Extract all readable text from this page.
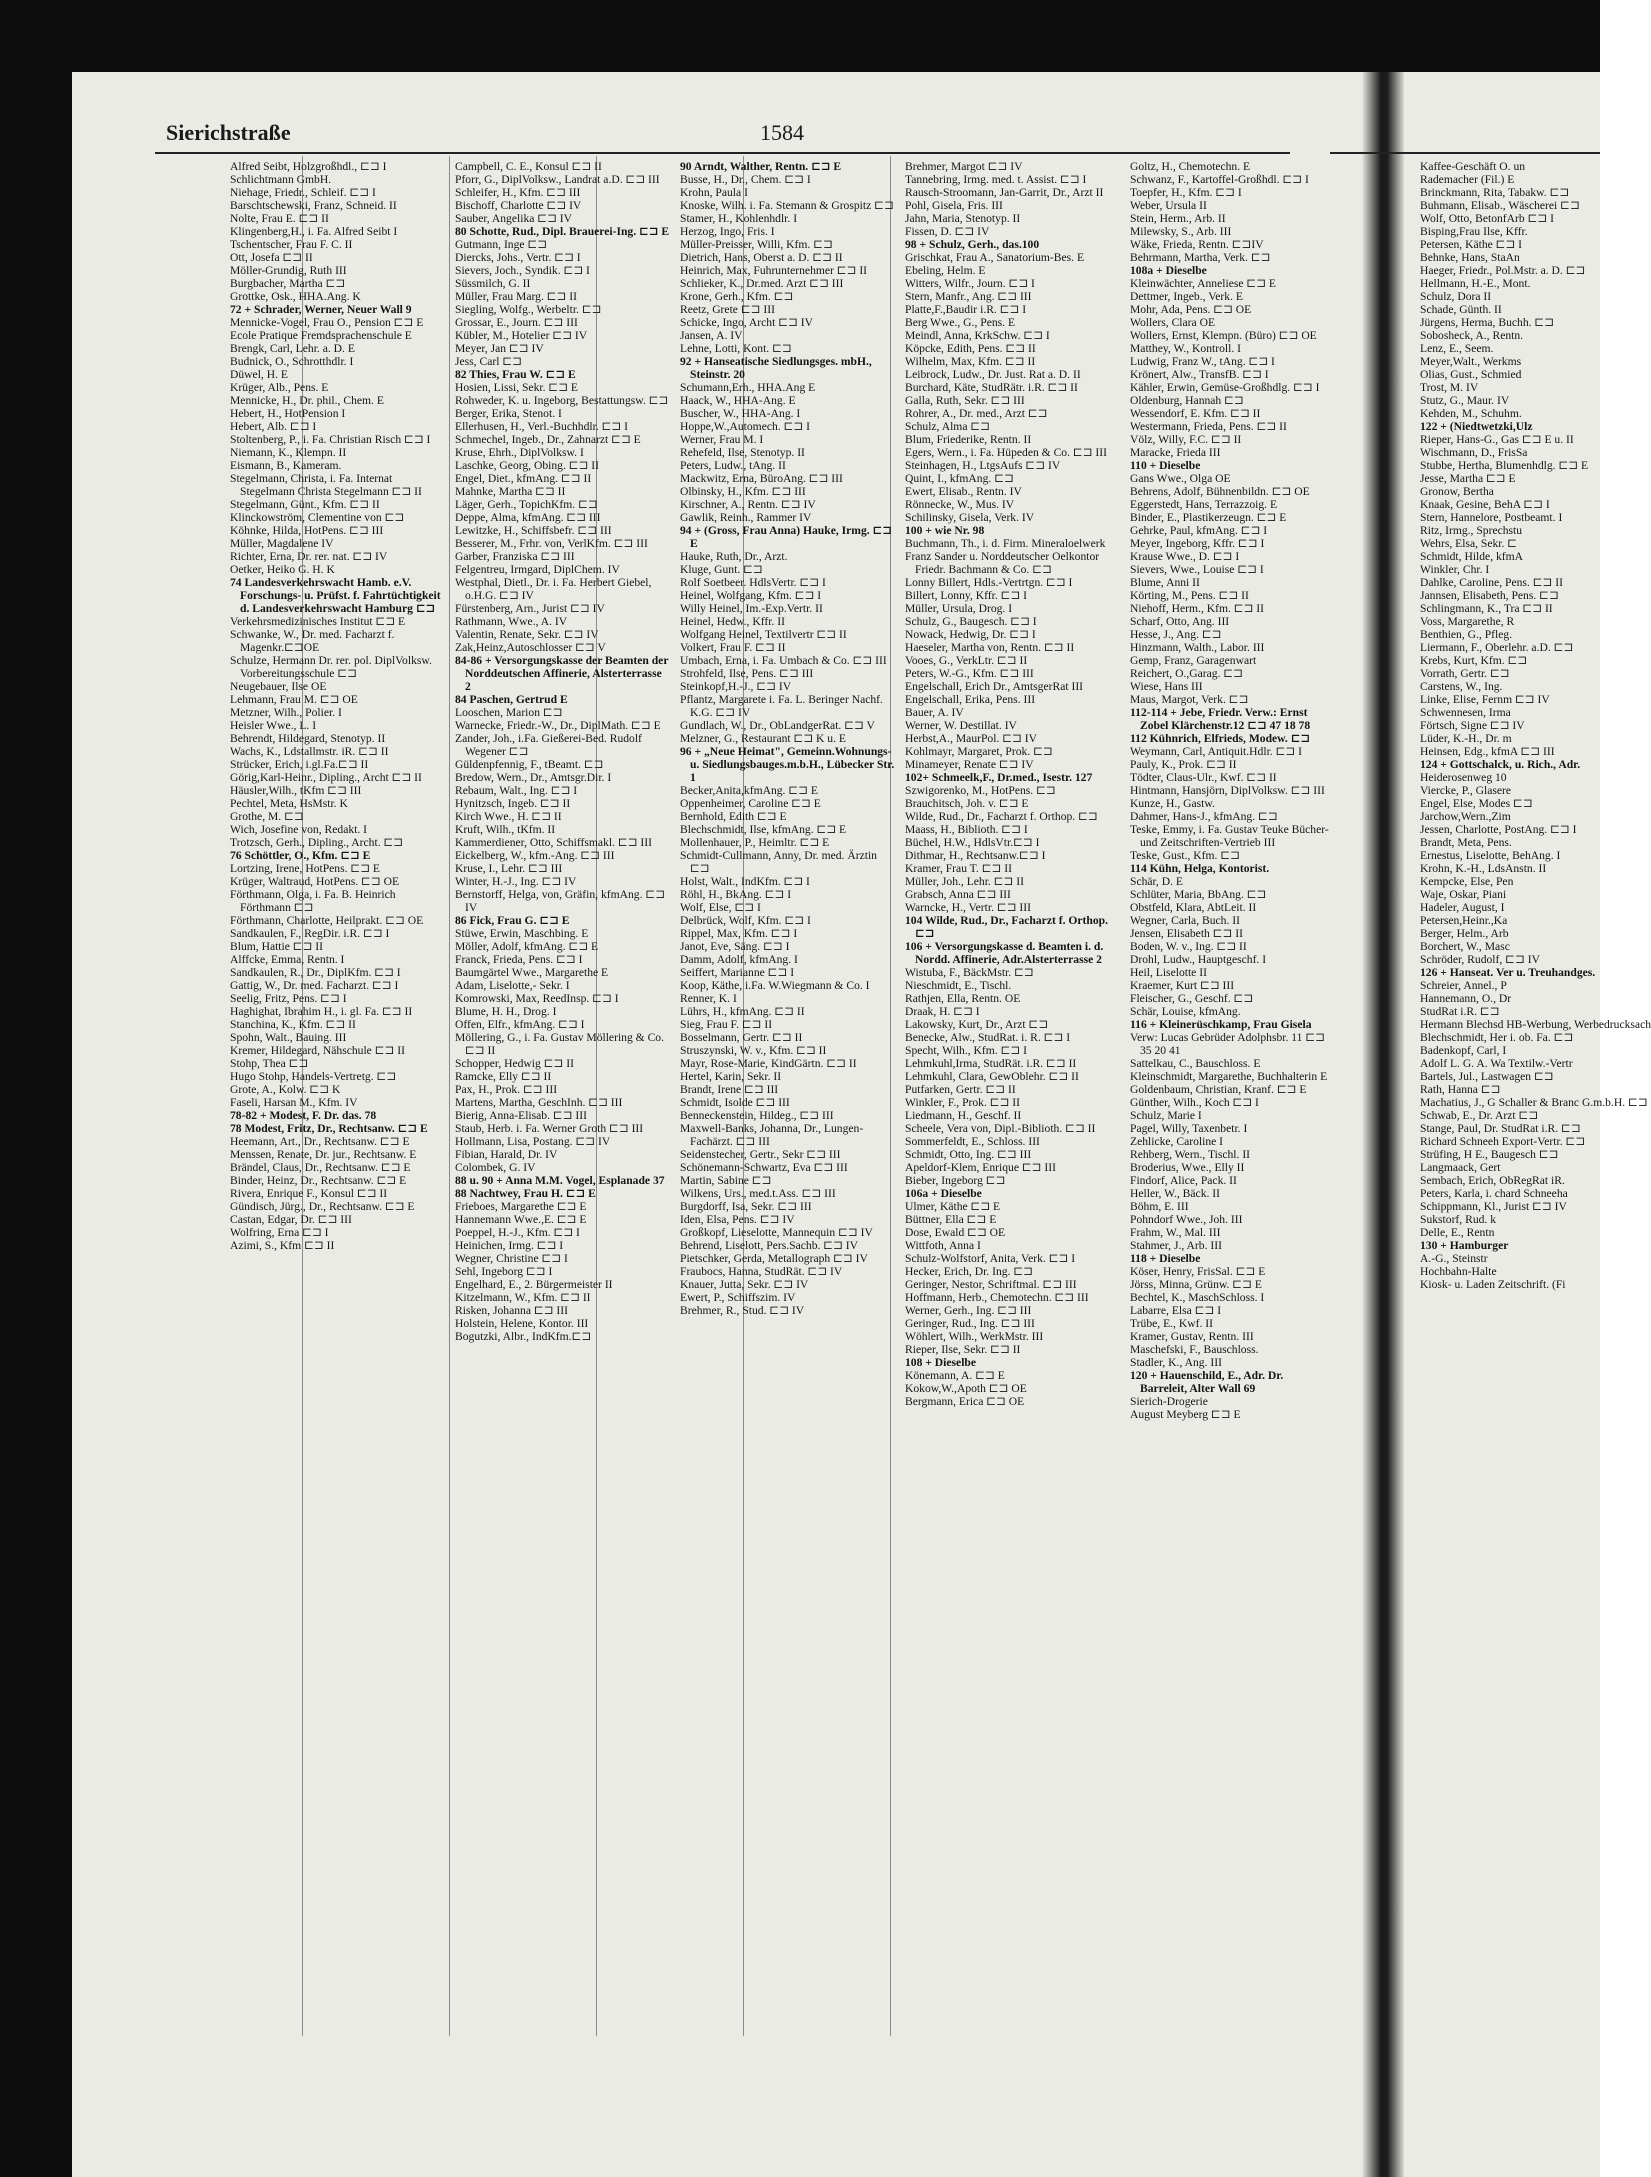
Sierichstraße	1584
Alfred Seibt, Holzgroßhdl., ⊏⊐ I
Schlichtmann GmbH.
Niehage, Friedr., Schleif. ⊏⊐ I
Barschtschewski, Franz, Schneid. II
Nolte, Frau E. ⊏⊐ II
Klingenberg,H., i. Fa. Alfred Seibt I
Tschentscher, Frau F. C. II
Ott, Josefa ⊏⊐ II
Möller-Grundig, Ruth III
Burgbacher, Martha ⊏⊐
Grottke, Osk., HHA.Ang. K
72 + Schrader, Werner, Neuer Wall 9
Mennicke-Vogel, Frau O., Pension ⊏⊐ E
Ecole Pratique Fremdsprachenschule E
Brengk, Carl, Lehr. a. D. E
Budnick, O., Schrotthdlr. I
Düwel, H. E
Krüger, Alb., Pens. E
Mennicke, H., Dr. phil., Chem. E
Hebert, H., HotPension I
Hebert, Alb. ⊏⊐ I
Stoltenberg, P., i. Fa. Christian Risch ⊏⊐ I
Niemann, K., Klempn. II
Eismann, B., Kameram.
Stegelmann, Christa, i. Fa. Internat Stegelmann Christa Stegelmann ⊏⊐ II
Stegelmann, Günt., Kfm. ⊏⊐ II
Klinckowström, Clementine von ⊏⊐
Köhnke, Hilda, HotPens. ⊏⊐ III
Müller, Magdalene IV
Richter, Erna, Dr. rer. nat. ⊏⊐ IV
Oetker, Heiko G. H. K
74 Landesverkehrswacht Hamb. e.V. Forschungs- u. Prüfst. f. Fahrtüchtigkeit d. Landesverkehrswacht Hamburg ⊏⊐
Verkehrsmedizinisches Institut ⊏⊐ E
Schwanke, W., Dr. med. Facharzt f. Magenkr.⊏⊐OE
Schulze, Hermann Dr. rer. pol. DiplVolksw. Vorbereitungsschule ⊏⊐
Neugebauer, Ilse OE
Lehmann, Frau M. ⊏⊐ OE
Metzner, Wilh., Polier. I
Heisler Wwe., L. I
Behrendt, Hildegard, Stenotyp. II
Wachs, K., Ldstallmstr. iR. ⊏⊐ II
Strücker, Erich, i.gl.Fa.⊏⊐ II
Görig,Karl-Heinr., Dipling., Archt ⊏⊐ II
Häusler,Wilh., tKfm ⊏⊐ III
Pechtel, Meta, HsMstr. K
Grothe, M. ⊏⊐
Wich, Josefine von, Redakt. I
Trotzsch, Gerh., Dipling., Archt. ⊏⊐
76 Schöttler, O., Kfm. ⊏⊐ E
Lortzing, Irene, HotPens. ⊏⊐ E
Krüger, Waltraud, HotPens. ⊏⊐ OE
Förthmann, Olga, i. Fa. B. Heinrich Förthmann ⊏⊐
Förthmann, Charlotte, Heilprakt. ⊏⊐ OE
Sandkaulen, F., RegDir. i.R. ⊏⊐ I
Blum, Hattie ⊏⊐ II
Alffcke, Emma, Rentn. I
Sandkaulen, R., Dr., DiplKfm. ⊏⊐ I
Gattig, W., Dr. med. Facharzt. ⊏⊐ I
Seelig, Fritz, Pens. ⊏⊐ I
Haghighat, Ibrahim H., i. gl. Fa. ⊏⊐ II
Stanchina, K., Kfm. ⊏⊐ II
Spohn, Walt., Bauing. III
Kremer, Hildegard, Nähschule ⊏⊐ II
Stohp, Thea ⊏⊐
Hugo Stohp, Handels-Vertretg. ⊏⊐
Grote, A., Kolw. ⊏⊐ K
Faseli, Harsan M., Kfm. IV
78-82 + Modest, F. Dr. das. 78
78 Modest, Fritz, Dr., Rechtsanw. ⊏⊐ E
Heemann, Art., Dr., Rechtsanw. ⊏⊐ E
Menssen, Renate, Dr. jur., Rechtsanw. E
Brändel, Claus, Dr., Rechtsanw. ⊏⊐ E
Binder, Heinz, Dr., Rechtsanw. ⊏⊐ E
Rivera, Enrique F., Konsul ⊏⊐ II
Gündisch, Jürg., Dr., Rechtsanw. ⊏⊐ E
Castan, Edgar, Dr. ⊏⊐ III
Wolfring, Erna ⊏⊐ I
Azimi, S., Kfm ⊏⊐ II
Campbell, C. E., Konsul ⊏⊐ II
Pforr, G., DiplVolksw., Landrat a.D. ⊏⊐ III
Schleifer, H., Kfm. ⊏⊐ III
Bischoff, Charlotte ⊏⊐ IV
Sauber, Angelika ⊏⊐ IV
80 Schotte, Rud., Dipl. Brauerei-Ing. ⊏⊐ E
Gutmann, Inge ⊏⊐
Diercks, Johs., Vertr. ⊏⊐ I
Sievers, Joch., Syndik. ⊏⊐ I
Süssmilch, G. II
Müller, Frau Marg. ⊏⊐ II
Siegling, Wolfg., Werbeltr. ⊏⊐
Grossar, E., Journ. ⊏⊐ III
Kübler, M., Hotelier ⊏⊐ IV
Meyer, Jan ⊏⊐ IV
Jess, Carl ⊏⊐
82 Thies, Frau W. ⊏⊐ E
Hosien, Lissi, Sekr. ⊏⊐ E
Rohweder, K. u. Ingeborg, Bestattungsw. ⊏⊐
Berger, Erika, Stenot. I
Ellerhusen, H., Verl.-Buchhdlr. ⊏⊐ I
Schmechel, Ingeb., Dr., Zahnarzt ⊏⊐ E
Kruse, Ehrh., DiplVolksw. I
Laschke, Georg, Obing. ⊏⊐ II
Engel, Diet., kfmAng. ⊏⊐ II
Mahnke, Martha ⊏⊐ II
Läger, Gerh., TopichKfm. ⊏⊐
Deppe, Alma, kfmAng. ⊏⊐ III
Lewitzke, H., Schiffsbefr. ⊏⊐ III
Besserer, M., Frhr. von, VerlKfm. ⊏⊐ III
Garber, Franziska ⊏⊐ III
Felgentreu, Irmgard, DiplChem. IV
Westphal, Dietl., Dr. i. Fa. Herbert Giebel, o.H.G. ⊏⊐ IV
Fürstenberg, Arn., Jurist ⊏⊐ IV
Rathmann, Wwe., A. IV
Valentin, Renate, Sekr. ⊏⊐ IV
Zak,Heinz,Autoschlosser ⊏⊐ V
84-86 + Versorgungskasse der Beamten der Norddeutschen Affinerie, Alsterterrasse 2
84 Paschen, Gertrud E
Looschen, Marion ⊏⊐
Warnecke, Friedr.-W., Dr., DiplMath. ⊏⊐ E
Zander, Joh., i.Fa. Gießerei-Bed. Rudolf Wegener ⊏⊐
Güldenpfennig, F., tBeamt. ⊏⊐
Bredow, Wern., Dr., Amtsgr.Dir. I
Rebaum, Walt., Ing. ⊏⊐ I
Hynitzsch, Ingeb. ⊏⊐ II
Kirch Wwe., H. ⊏⊐ II
Kruft, Wilh., tKfm. II
Kammerdiener, Otto, Schiffsmakl. ⊏⊐ III
Eickelberg, W., kfm.-Ang. ⊏⊐ III
Kruse, I., Lehr. ⊏⊐ III
Winter, H.-J., Ing. ⊏⊐ IV
Bernstorff, Helga, von, Gräfin, kfmAng. ⊏⊐ IV
86 Fick, Frau G. ⊏⊐ E
Stüwe, Erwin, Maschbing. E
Möller, Adolf, kfmAng. ⊏⊐ E
Franck, Frieda, Pens. ⊏⊐ I
Baumgärtel Wwe., Margarethe E
Adam, Liselotte,- Sekr. I
Komrowski, Max, ReedInsp. ⊏⊐ I
Blume, H. H., Drog. I
Offen, Elfr., kfmAng. ⊏⊐ I
Möllering, G., i. Fa. Gustav Möllering & Co. ⊏⊐ II
Schopper, Hedwig ⊏⊐ II
Ramcke, Elly ⊏⊐ II
Pax, H., Prok. ⊏⊐ III
Martens, Martha, GeschInh. ⊏⊐ III
Bierig, Anna-Elisab. ⊏⊐ III
Staub, Herb. i. Fa. Werner Groth ⊏⊐ III
Hollmann, Lisa, Postang. ⊏⊐ IV
Fibian, Harald, Dr. IV
Colombek, G. IV
88 u. 90 + Anna M.M. Vogel, Esplanade 37
88 Nachtwey, Frau H. ⊏⊐ E
Frieboes, Margarethe ⊏⊐ E
Hannemann Wwe.,E. ⊏⊐ E
Poeppel, H.-J., Kfm. ⊏⊐ I
Heinichen, Irmg. ⊏⊐ I
Wegner, Christine ⊏⊐ I
Sehl, Ingeborg ⊏⊐ I
Engelhard, E., 2. Bürgermeister II
Kitzelmann, W., Kfm. ⊏⊐ II
Risken, Johanna ⊏⊐ III
Holstein, Helene, Kontor. III
Bogutzki, Albr., IndKfm.⊏⊐
90 Arndt, Walther, Rentn. ⊏⊐ E
Busse, H., Dr., Chem. ⊏⊐ I
Krohn, Paula I
Knoske, Wilh. i. Fa. Stemann & Grospitz ⊏⊐
Stamer, H., Kohlenhdlr. I
Herzog, Ingo, Fris. I
Müller-Preisser, Willi, Kfm. ⊏⊐
Dietrich, Hans, Oberst a. D. ⊏⊐ II
Heinrich, Max, Fuhrunternehmer ⊏⊐ II
Schlieker, K., Dr.med. Arzt ⊏⊐ III
Krone, Gerh., Kfm. ⊏⊐
Reetz, Grete ⊏⊐ III
Schicke, Ingo, Archt ⊏⊐ IV
Jansen, A. IV
Lehne, Lotti, Kont. ⊏⊐
92 + Hanseatische Siedlungsges. mbH., Steinstr. 20
Schumann,Erh., HHA.Ang E
Haack, W., HHA-Ang. E
Buscher, W., HHA-Ang. I
Hoppe,W.,Automech. ⊏⊐ I
Werner, Frau M. I
Rehefeld, Ilse, Stenotyp. II
Peters, Ludw., tAng. II
Mackwitz, Erna, BüroAng. ⊏⊐ III
Olbinsky, H., Kfm. ⊏⊐ III
Kirschner, A., Rentn. ⊏⊐ IV
Gawlik, Reinh., Rammer IV
94 + (Gross, Frau Anna) Hauke, Irmg. ⊏⊐ E
Hauke, Ruth, Dr., Arzt.
Kluge, Gunt. ⊏⊐
Rolf Soetbeer. HdlsVertr. ⊏⊐ I
Heinel, Wolfgang, Kfm. ⊏⊐ I
Willy Heinel, Im.-Exp.Vertr. II
Heinel, Hedw., Kffr. II
Wolfgang Heinel, Textilvertr ⊏⊐ II
Volkert, Frau F. ⊏⊐ II
Umbach, Erna, i. Fa. Umbach & Co. ⊏⊐ III
Strohfeld, Ilse, Pens. ⊏⊐ III
Steinkopf,H.-J., ⊏⊐ IV
Pflantz, Margarete i. Fa. L. Beringer Nachf. K.G. ⊏⊐ IV
Gundlach, W., Dr., ObLandgerRat. ⊏⊐ V
Melzner, G., Restaurant ⊏⊐ K u. E
96 + „Neue Heimat", Gemeinn.Wohnungs-u. Siedlungsbauges.m.b.H., Lübecker Str. 1
Becker,Anita,kfmAng. ⊏⊐ E
Oppenheimer, Caroline ⊏⊐ E
Bernhold, Edith ⊏⊐ E
Blechschmidt, Ilse, kfmAng. ⊏⊐ E
Mollenhauer, P., Heimltr. ⊏⊐ E
Schmidt-Cullmann, Anny, Dr. med. Ärztin ⊏⊐
Holst, Walt., IndKfm. ⊏⊐ I
Röhl, H., BkAng. ⊏⊐ I
Wolf, Else, ⊏⊐ I
Delbrück, Wolf, Kfm. ⊏⊐ I
Rippel, Max, Kfm. ⊏⊐ I
Janot, Eve, Säng. ⊏⊐ I
Damm, Adolf, kfmAng. I
Seiffert, Marianne ⊏⊐ I
Koop, Käthe, i.Fa. W.Wiegmann & Co. I
Renner, K. I
Lührs, H., kfmAng. ⊏⊐ II
Sieg, Frau F. ⊏⊐ II
Bosselmann, Gertr. ⊏⊐ II
Struszynski, W. v., Kfm. ⊏⊐ II
Mayr, Rose-Marie, KindGärtn. ⊏⊐ II
Hertel, Karin, Sekr. II
Brandt, Irene ⊏⊐ III
Schmidt, Isolde ⊏⊐ III
Benneckenstein, Hildeg., ⊏⊐ III
Maxwell-Banks, Johanna, Dr., Lungen-Fachärzt. ⊏⊐ III
Seidenstecher, Gertr., Sekr ⊏⊐ III
Schönemann-Schwartz, Eva ⊏⊐ III
Martin, Sabine ⊏⊐
Wilkens, Urs., med.t.Ass. ⊏⊐ III
Burgdorff, Isa, Sekr. ⊏⊐ III
Iden, Elsa, Pens. ⊏⊐ IV
Großkopf, Lieselotte, Mannequin ⊏⊐ IV
Behrend, Liselott, Pers.Sachb. ⊏⊐ IV
Pietschker, Gerda, Metallograph ⊏⊐ IV
Fraubocs, Hanna, StudRät. ⊏⊐ IV
Knauer, Jutta, Sekr. ⊏⊐ IV
Ewert, P., Schiffszim. IV
Brehmer, R., Stud. ⊏⊐ IV
Brehmer, Margot ⊏⊐ IV
Tannebring, Irmg. med. t. Assist. ⊏⊐ I
Rausch-Stroomann, Jan-Garrit, Dr., Arzt II
Pohl, Gisela, Fris. III
Jahn, Maria, Stenotyp. II
Fissen, D. ⊏⊐ IV
98 + Schulz, Gerh., das.100
Grischkat, Frau A., Sanatorium-Bes. E
Ebeling, Helm. E
Witters, Wilfr., Journ. ⊏⊐ I
Stern, Manfr., Ang. ⊏⊐ III
Platte,F.,Baudir i.R. ⊏⊐ I
Berg Wwe., G., Pens. E
Meindl, Anna, KrkSchw. ⊏⊐ I
Köpcke, Edith, Pens. ⊏⊐ II
Wilhelm, Max, Kfm. ⊏⊐ II
Leibrock, Ludw., Dr. Just. Rat a. D. II
Burchard, Käte, StudRätr. i.R. ⊏⊐ II
Galla, Ruth, Sekr. ⊏⊐ III
Rohrer, A., Dr. med., Arzt ⊏⊐
Schulz, Alma ⊏⊐
Blum, Friederike, Rentn. II
Egers, Wern., i. Fa. Hüpeden & Co. ⊏⊐ III
Steinhagen, H., LtgsAufs ⊏⊐ IV
Quint, I., kfmAng. ⊏⊐
Ewert, Elisab., Rentn. IV
Rönnecke, W., Mus. IV
Schilinsky, Gisela, Verk. IV
100 + wie Nr. 98
Buchmann, Th., i. d. Firm. Mineraloelwerk
Franz Sander u. Norddeutscher Oelkontor Friedr. Bachmann & Co. ⊏⊐
Lonny Billert, Hdls.-Vertrtgn. ⊏⊐ I
Billert, Lonny, Kffr. ⊏⊐ I
Müller, Ursula, Drog. I
Schulz, G., Baugesch. ⊏⊐ I
Nowack, Hedwig, Dr. ⊏⊐ I
Haeseler, Martha von, Rentn. ⊏⊐ II
Vooes, G., VerkLtr. ⊏⊐ II
Peters, W.-G., Kfm. ⊏⊐ III
Engelschall, Erich Dr., AmtsgerRat III
Engelschall, Erika, Pens. III
Bauer, A. IV
Werner, W. Destillat. IV
Herbst,A., MaurPol. ⊏⊐ IV
Kohlmayr, Margaret, Prok. ⊏⊐
Minameyer, Renate ⊏⊐ IV
102+ Schmeelk,F., Dr.med., Isestr. 127
Szwigorenko, M., HotPens. ⊏⊐
Brauchitsch, Joh. v. ⊏⊐ E
Wilde, Rud., Dr., Facharzt f. Orthop. ⊏⊐
Maass, H., Biblioth. ⊏⊐ I
Büchel, H.W., HdlsVtr.⊏⊐ I
Dithmar, H., Rechtsanw.⊏⊐ I
Kramer, Frau T. ⊏⊐ II
Müller, Joh., Lehr. ⊏⊐ II
Grabsch, Anna ⊏⊐ III
Warncke, H., Vertr. ⊏⊐ III
104 Wilde, Rud., Dr., Facharzt f. Orthop. ⊏⊐
106 + Versorgungskasse d. Beamten i. d. Nordd. Affinerie, Adr.Alsterterrasse 2
Wistuba, F., BäckMstr. ⊏⊐
Nieschmidt, E., Tischl.
Rathjen, Ella, Rentn. OE
Draak, H. ⊏⊐ I
Lakowsky, Kurt, Dr., Arzt ⊏⊐
Benecke, Alw., StudRat. i. R. ⊏⊐ I
Specht, Wilh., Kfm. ⊏⊐ I
Lehmkuhl,Irma, StudRät. i.R. ⊏⊐ II
Lehmkuhl, Clara, GewOblehr. ⊏⊐ II
Putfarken, Gertr. ⊏⊐ II
Winkler, F., Prok. ⊏⊐ II
Liedmann, H., Geschf. II
Scheele, Vera von, Dipl.-Biblioth. ⊏⊐ II
Sommerfeldt, E., Schloss. III
Schmidt, Otto, Ing. ⊏⊐ III
Apeldorf-Klem, Enrique ⊏⊐ III
Bieber, Ingeborg ⊏⊐
106a + Dieselbe
Ulmer, Käthe ⊏⊐ E
Büttner, Ella ⊏⊐ E
Dose, Ewald ⊏⊐ OE
Wittfoth, Anna I
Schulz-Wolfstorf, Anita, Verk. ⊏⊐ I
Hecker, Erich, Dr. Ing. ⊏⊐
Geringer, Nestor, Schriftmal. ⊏⊐ III
Hoffmann, Herb., Chemotechn. ⊏⊐ III
Werner, Gerh., Ing. ⊏⊐ III
Geringer, Rud., Ing. ⊏⊐ III
Wöhlert, Wilh., WerkMstr. III
Rieper, Ilse, Sekr. ⊏⊐ II
108 + Dieselbe
Könemann, A. ⊏⊐ E
Kokow,W.,Apoth ⊏⊐ OE
Bergmann, Erica ⊏⊐ OE
Goltz, H., Chemotechn. E
Schwanz, F., Kartoffel-Großhdl. ⊏⊐ I
Toepfer, H., Kfm. ⊏⊐ I
Weber, Ursula II
Stein, Herm., Arb. II
Milewsky, S., Arb. III
Wäke, Frieda, Rentn. ⊏⊐IV
Behrmann, Martha, Verk. ⊏⊐
108a + Dieselbe
Kleinwächter, Anneliese ⊏⊐ E
Dettmer, Ingeb., Verk. E
Mohr, Ada, Pens. ⊏⊐ OE
Wollers, Clara OE
Wollers, Ernst, Klempn. (Büro) ⊏⊐ OE
Matthey, W., Kontroll. I
Ludwig, Franz W., tAng. ⊏⊐ I
Krönert, Alw., TransfB. ⊏⊐ I
Kähler, Erwin, Gemüse-Großhdlg. ⊏⊐ I
Oldenburg, Hannah ⊏⊐
Wessendorf, E. Kfm. ⊏⊐ II
Westermann, Frieda, Pens. ⊏⊐ II
Völz, Willy, F.C. ⊏⊐ II
Maracke, Frieda III
110 + Dieselbe
Gans Wwe., Olga OE
Behrens, Adolf, Bühnenbildn. ⊏⊐ OE
Eggerstedt, Hans, Terrazzoig. E
Binder, E., Plastikerzeugn. ⊏⊐ E
Gehrke, Paul, kfmAng. ⊏⊐ I
Meyer, Ingeborg, Kffr. ⊏⊐ I
Krause Wwe., D. ⊏⊐ I
Sievers, Wwe., Louise ⊏⊐ I
Blume, Anni II
Körting, M., Pens. ⊏⊐ II
Niehoff, Herm., Kfm. ⊏⊐ II
Scharf, Otto, Ang. III
Hesse, J., Ang. ⊏⊐
Hinzmann, Walth., Labor. III
Gemp, Franz, Garagenwart
Reichert, O.,Garag. ⊏⊐
Wiese, Hans III
Maus, Margot, Verk. ⊏⊐
112-114 + Jebe, Friedr. Verw.: Ernst Zobel Klärchenstr.12 ⊏⊐ 47 18 78
112 Kühnrich, Elfrieds, Modew. ⊏⊐
Weymann, Carl, Antiquit.Hdlr. ⊏⊐ I
Pauly, K., Prok. ⊏⊐ II
Tödter, Claus-Ulr., Kwf. ⊏⊐ II
Hintmann, Hansjörn, DiplVolksw. ⊏⊐ III
Kunze, H., Gastw.
Dahmer, Hans-J., kfmAng. ⊏⊐
Teske, Emmy, i. Fa. Gustav Teuke Bücher- und Zeitschriften-Vertrieb III
Teske, Gust., Kfm. ⊏⊐
114 Kühn, Helga, Kontorist.
Schär, D. E
Schlüter, Maria, BbAng. ⊏⊐
Obstfeld, Klara, AbtLeit. II
Wegner, Carla, Buch. II
Jensen, Elisabeth ⊏⊐ II
Boden, W. v., Ing. ⊏⊐ II
Drohl, Ludw., Hauptgeschf. I
Heil, Liselotte II
Kraemer, Kurt ⊏⊐ III
Fleischer, G., Geschf. ⊏⊐
Schär, Louise, kfmAng.
116 + Kleinerüschkamp, Frau Gisela
Verw: Lucas Gebrüder Adolphsbr. 11 ⊏⊐ 35 20 41
Sattelkau, C., Bauschloss. E
Kleinschmidt, Margarethe, Buchhalterin E
Goldenbaum, Christian, Kranf. ⊏⊐ E
Günther, Wilh., Koch ⊏⊐ I
Schulz, Marie I
Pagel, Willy, Taxenbetr. I
Zehlicke, Caroline I
Rehberg, Wern., Tischl. II
Broderius, Wwe., Elly II
Findorf, Alice, Pack. II
Heller, W., Bäck. II
Böhm, E. III
Pohndorf Wwe., Joh. III
Frahm, W., Mal. III
Stahmer, J., Arb. III
118 + Dieselbe
Köser, Henry, FrisSal. ⊏⊐ E
Jörss, Minna, Grünw. ⊏⊐ E
Bechtel, K., MaschSchloss. I
Labarre, Elsa ⊏⊐ I
Trübe, E., Kwf. II
Kramer, Gustav, Rentn. III
Maschefski, F., Bauschloss.
Stadler, K., Ang. III
120 + Hauenschild, E., Adr. Dr. Barreleit, Alter Wall 69
Sierich-Drogerie
August Meyberg ⊏⊐ E
Kaffee-Geschäft O. un
Rademacher (Fil.) E
Brinckmann, Rita, Tabakw. ⊏⊐
Buhmann, Elisab., Wäscherei ⊏⊐
Wolf, Otto, BetonfArb ⊏⊐ I
Bisping,Frau Ilse, Kffr.
Petersen, Käthe ⊏⊐ I
Behnke, Hans, StaAn
Haeger, Friedr., Pol.Mstr. a. D. ⊏⊐
Hellmann, H.-E., Mont.
Schulz, Dora II
Schade, Günth. II
Jürgens, Herma, Buchh. ⊏⊐
Sobosheck, A., Rentn.
Lenz, E., Seem.
Meyer,Walt., Werkms
Olias, Gust., Schmied
Trost, M. IV
Stutz, G., Maur. IV
Kehden, M., Schuhm.
122 + (Niedtwetzki,Ulz
Rieper, Hans-G., Gas ⊏⊐ E u. II
Wischmann, D., FrisSa
Stubbe, Hertha, Blumenhdlg. ⊏⊐ E
Jesse, Martha ⊏⊐ E
Gronow, Bertha
Knaak, Gesine, BehA ⊏⊐ I
Stern, Hannelore, Postbeamt. I
Ritz, Irmg., Sprechstu
Wehrs, Elsa, Sekr. ⊏
Schmidt, Hilde, kfmA
Winkler, Chr. I
Dahlke, Caroline, Pens. ⊏⊐ II
Jannsen, Elisabeth, Pens. ⊏⊐
Schlingmann, K., Tra ⊏⊐ II
Voss, Margarethe, R
Benthien, G., Pfleg.
Liermann, F., Oberlehr. a.D. ⊏⊐
Krebs, Kurt, Kfm. ⊏⊐
Vorrath, Gertr. ⊏⊐
Carstens, W., Ing.
Linke, Elise, Fernm ⊏⊐ IV
Schwennesen, Irma
Förtsch, Signe ⊏⊐ IV
Lüder, K.-H., Dr. m
Heinsen, Edg., kfmA ⊏⊐ III
124 + Gottschalck, u. Rich., Adr.
Heiderosenweg 10
Viercke, P., Glasere
Engel, Else, Modes ⊏⊐
Jarchow,Wern.,Zim
Jessen, Charlotte, PostAng. ⊏⊐ I
Brandt, Meta, Pens.
Ernestus, Liselotte, BehAng. I
Krohn, K.-H., LdsAnstn. II
Kempcke, Else, Pen
Waje, Oskar, Piani
Hadeler, August, I
Petersen,Heinr.,Ka
Berger, Helm., Arb
Borchert, W., Masc
Schröder, Rudolf, ⊏⊐ IV
126 + Hanseat. Ver u. Treuhandges.
Schreier, Annel., P
Hannemann, O., Dr
StudRat i.R. ⊏⊐
Hermann Blechsd HB-Werbung, Werbedrucksach
Blechschmidt, Her i. ob. Fa. ⊏⊐
Badenkopf, Carl, I
Adolf L. G. A. Wa Textilw.-Vertr
Bartels, Jul., Lastwagen ⊏⊐
Rath, Hanna ⊏⊐
Machatius, J., G Schaller & Branc G.m.b.H. ⊏⊐
Schwab, E., Dr. Arzt ⊏⊐
Stange, Paul, Dr. StudRat i.R. ⊏⊐
Richard Schneeh Export-Vertr. ⊏⊐
Strüfing, H E., Baugesch ⊏⊐
Langmaack, Gert
Sembach, Erich, ObRegRat iR.
Peters, Karla, i. chard Schneeha
Schippmann, Kl., Jurist ⊏⊐ IV
Sukstorf, Rud. k
Delle, E., Rentn
130 + Hamburger
A.-G., Steinstr
Hochbahn-Halte
Kiosk- u. Laden Zeitschrift. (Fi
